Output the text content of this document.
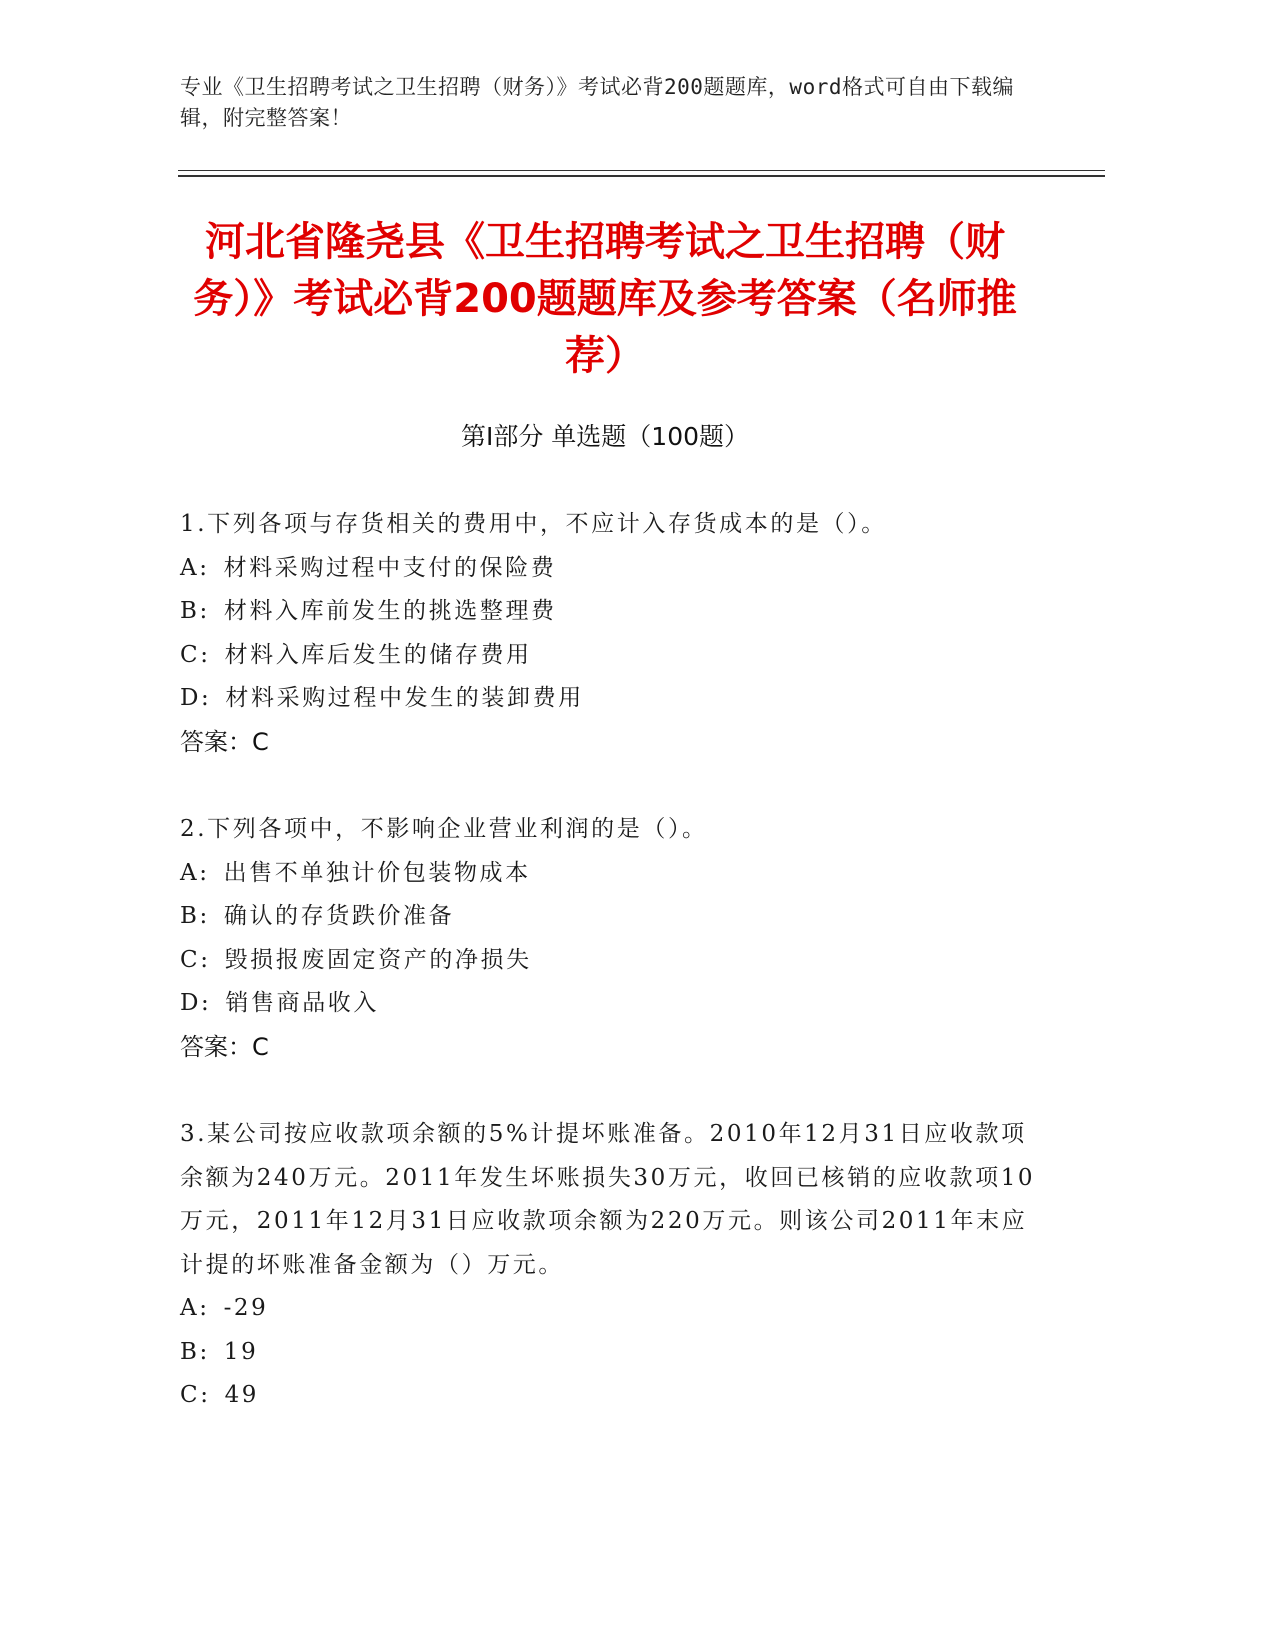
专业《卫生招聘考试之卫生招聘（财务）》考试必背200题题库，word格式可自由下载编辑，附完整答案！
河北省隆尧县《卫生招聘考试之卫生招聘（财务）》考试必背200题题库及参考答案（名师推荐）
第Ⅰ部分 单选题（100题）
1.下列各项与存货相关的费用中，不应计入存货成本的是（）。
A: 材料采购过程中支付的保险费
B: 材料入库前发生的挑选整理费
C: 材料入库后发生的储存费用
D: 材料采购过程中发生的装卸费用
答案：C
2.下列各项中，不影响企业营业利润的是（）。
A: 出售不单独计价包装物成本
B: 确认的存货跌价准备
C: 毁损报废固定资产的净损失
D: 销售商品收入
答案：C
3.某公司按应收款项余额的5%计提坏账准备。2010年12月31日应收款项余额为240万元。2011年发生坏账损失30万元，收回已核销的应收款项10万元，2011年12月31日应收款项余额为220万元。则该公司2011年末应计提的坏账准备金额为（）万元。
A: -29
B: 19
C: 49
